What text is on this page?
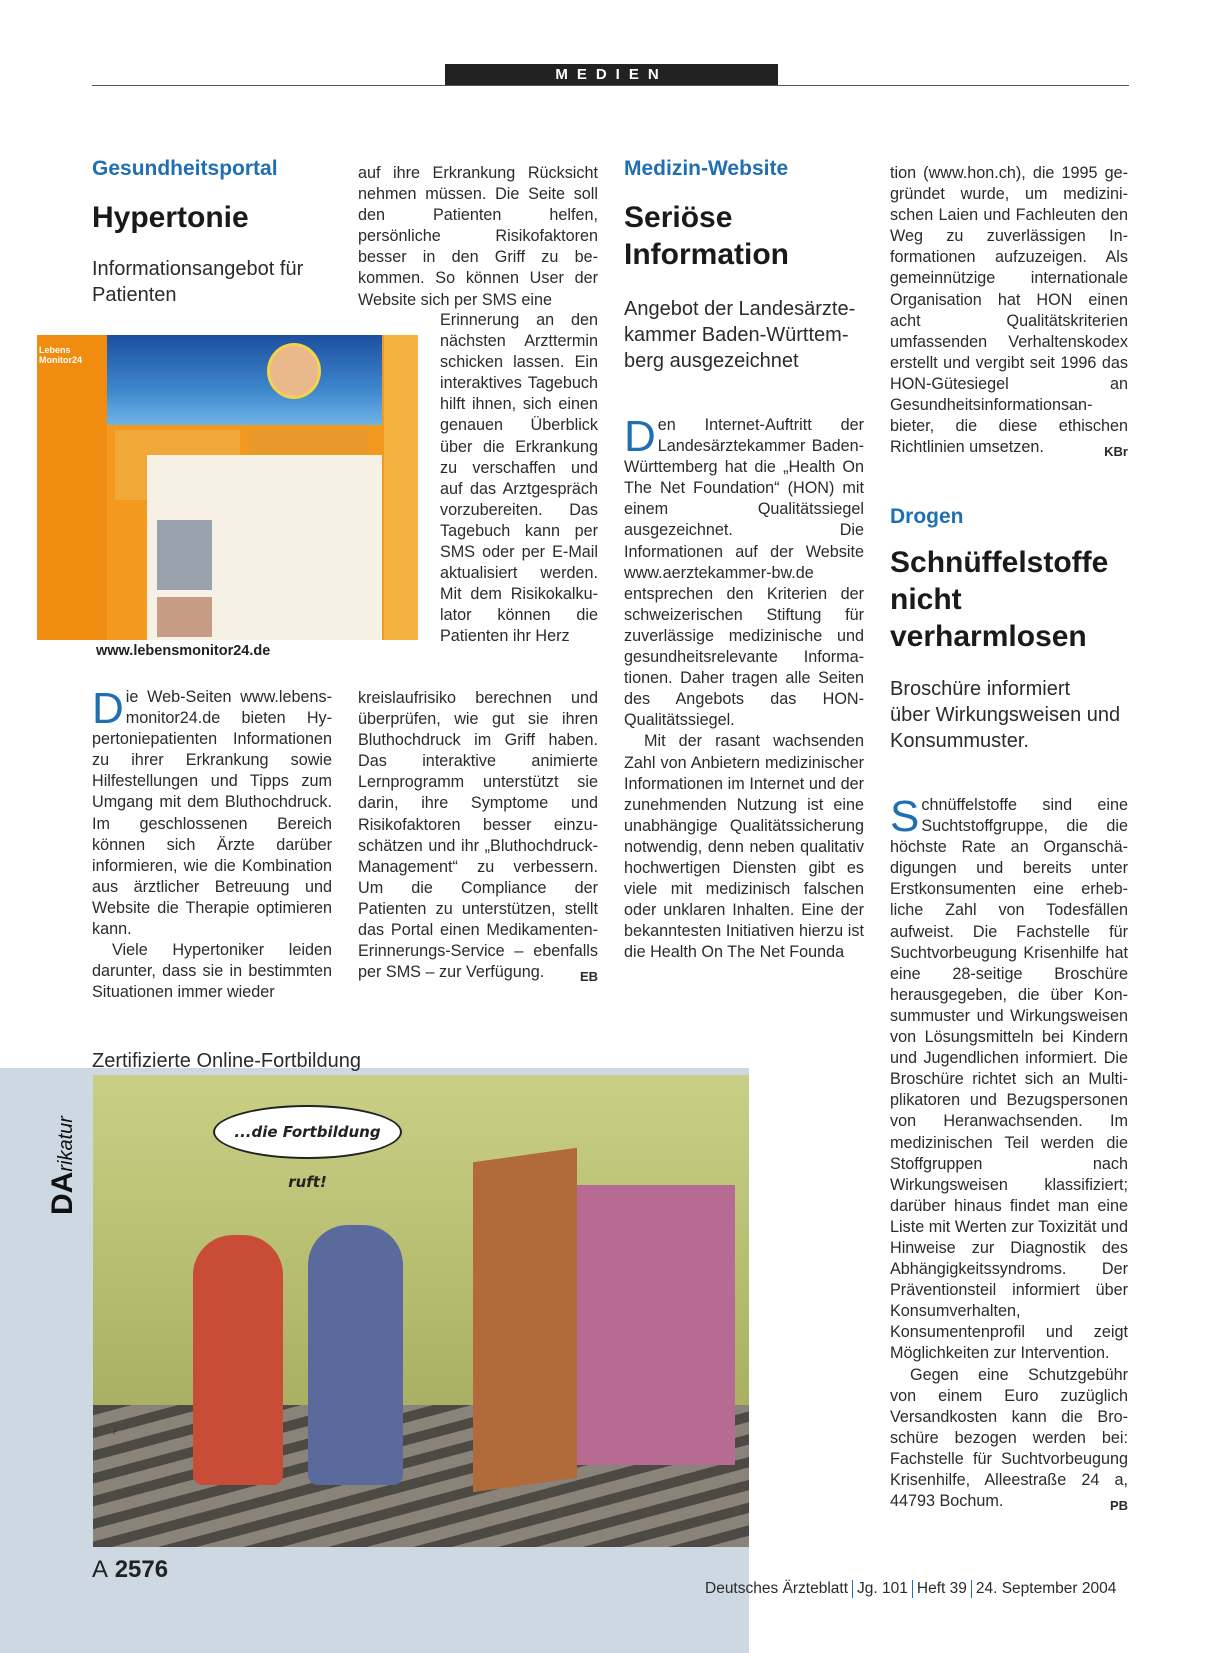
MEDIEN
Gesundheitsportal
Hypertonie
Informationsangebot für
Patienten
Lebens Monitor24
www.lebensmonitor24.de

Die Web-Seiten www.lebensmonitor24.de bieten Hypertoniepatienten Informationen zu ihrer Erkrankung sowie Hilfestellungen und Tipps zum Umgang mit dem Bluthochdruck. Im geschlossenen Bereich können sich Ärzte darüber informieren, wie die Kombination aus ärztlicher Betreuung und Website die Therapie optimieren kann.

Viele Hypertoniker leiden darunter, dass sie in bestimmten Situationen immer wieder

auf ihre Erkrankung Rücksicht nehmen müssen. Die Seite soll den Patienten helfen, persönliche Risikofaktoren besser in den Griff zu bekommen. So können User der Website sich per SMS eine
Erinnerung an den nächsten Arzttermin schicken lassen. Ein interaktives Tagebuch hilft ihnen, sich einen genauen Überblick über die Erkrankung zu verschaffen und auf das Arztgespräch vorzubereiten. Das Tagebuch kann per SMS oder per E-Mail aktualisiert werden. Mit dem Risikokalkulator können die Patienten ihr Herz

kreislaufrisiko berechnen und überprüfen, wie gut sie ihren Bluthochdruck im Griff haben. Das interaktive animierte Lernprogramm unterstützt sie darin, ihre Symptome und Risikofaktoren besser einzuschätzen und ihr „Bluthochdruck-Management“ zu verbessern. Um die Compliance der Patienten zu unterstützen, stellt das Portal einen Medikamenten-Erinnerungs-Service – ebenfalls per SMS – zur Verfügung.	EB

Medizin-Website
Seriöse
Information
Angebot der Landesärzte-
kammer Baden-Württem-
berg ausgezeichnet

Den Internet-Auftritt der Landesärztekammer Baden-Württemberg hat die „Health On The Net Foundation“ (HON) mit einem Qualitätssiegel ausgezeichnet. Die Informationen auf der Website www.aerztekammer-bw.de entsprechen den Kriterien der schweizerischen Stiftung für zuverlässige medizinische und gesundheitsrelevante Informationen. Daher tragen alle Seiten des Angebots das HON-Qualitätssiegel.

Mit der rasant wachsenden Zahl von Anbietern medizinischer Informationen im Internet und der zunehmenden Nutzung ist eine unabhängige Qualitätssicherung notwendig, denn neben qualitativ hochwertigen Diensten gibt es viele mit medizinisch falschen oder unklaren Inhalten. Eine der bekanntesten Initiativen hierzu ist die Health On The Net Founda

tion (www.hon.ch), die 1995 gegründet wurde, um medizinischen Laien und Fachleuten den Weg zu zuverlässigen Informationen aufzuzeigen. Als gemeinnützige internationale Organisation hat HON einen acht Qualitätskriterien umfassenden Verhaltenskodex erstellt und vergibt seit 1996 das HON-Gütesiegel an Gesundheitsinformationsanbieter, die diese ethischen Richtlinien umsetzen.	KBr

Drogen
Schnüffelstoffe
nicht
verharmlosen
Broschüre informiert
über Wirkungsweisen und
Konsummuster.

Schnüffelstoffe sind eine Suchtstoffgruppe, die die höchste Rate an Organschädigungen und bereits unter Erstkonsumenten eine erhebliche Zahl von Todesfällen aufweist. Die Fachstelle für Suchtvorbeugung Krisenhilfe hat eine 28-seitige Broschüre herausgegeben, die über Konsummuster und Wirkungsweisen von Lösungsmitteln bei Kindern und Jugendlichen informiert. Die Broschüre richtet sich an Multiplikatoren und Bezugspersonen von Heranwachsenden. Im medizinischen Teil werden die Stoffgruppen nach Wirkungsweisen klassifiziert; darüber hinaus findet man eine Liste mit Werten zur Toxizität und Hinweise zur Diagnostik des Abhängigkeitssyndroms. Der Präventionsteil informiert über Konsumverhalten, Konsumentenprofil und zeigt Möglichkeiten zur Intervention.

Gegen eine Schutzgebühr von einem Euro zuzüglich Versandkosten kann die Broschüre bezogen werden bei: Fachstelle für Suchtvorbeugung Krisenhilfe, Alleestraße 24 a, 44793 Bochum.	PB

Zertifizierte Online-Fortbildung
...die Fortbildung ruft!
~
DArikatur
A 2576
Deutsches Ärzteblatt Jg. 101 Heft 39 24. September 2004
